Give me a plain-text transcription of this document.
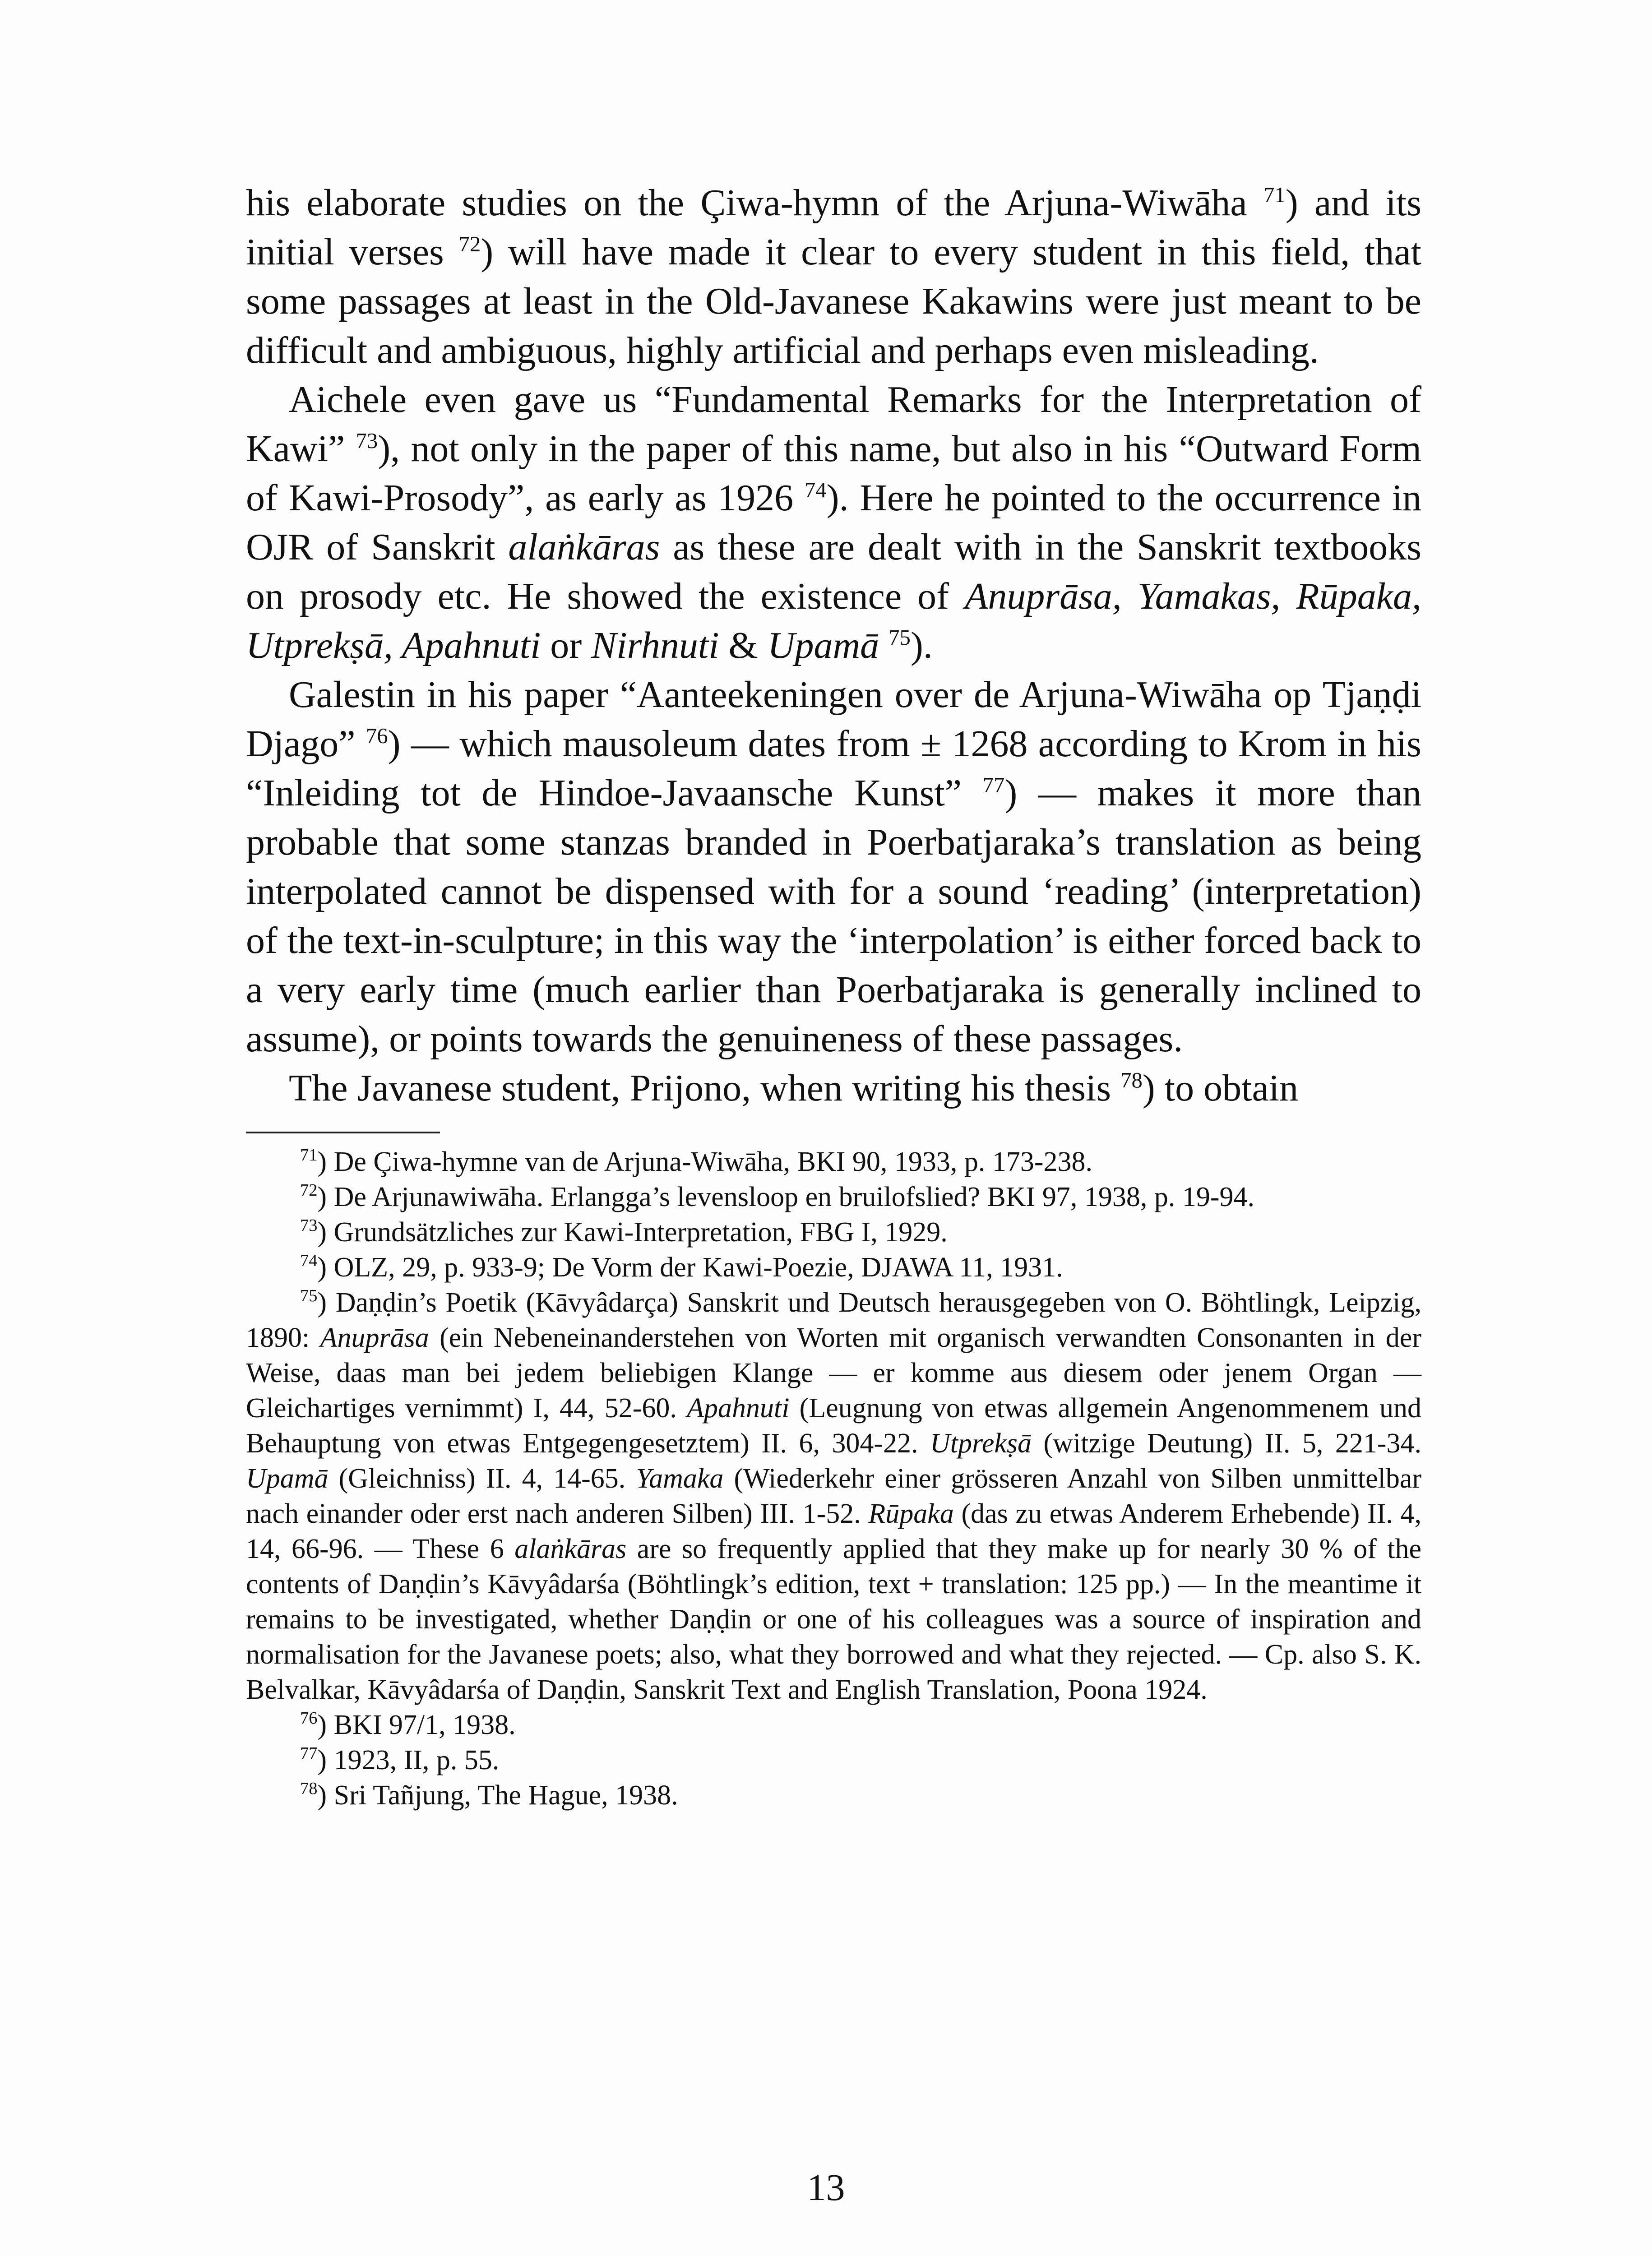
his elaborate studies on the Çiwa-hymn of the Arjuna-Wiwāha $^{71}$) and its initial verses $^{72}$) will have made it clear to every student in this field, that some passages at least in the Old-Javanese Kakawins were just meant to be difficult and ambiguous, highly artificial and perhaps even misleading.

Aichele even gave us “Fundamental Remarks for the Interpretation of Kawi” $^{73}$), not only in the paper of this name, but also in his “Outward Form of Kawi-Prosody”, as early as 1926 $^{74}$). Here he pointed to the occurrence in OJR of Sanskrit alaṅkāras as these are dealt with in the Sanskrit textbooks on prosody etc. He showed the existence of Anuprāsa, Yamakas, Rūpaka, Utprekṣā, Apahnuti or Nirhnuti & Upamā $^{75}$).

Galestin in his paper “Aanteekeningen over de Arjuna-Wiwāha op Tjaṇḍi Djago” $^{76}$) — which mausoleum dates from ± 1268 according to Krom in his “Inleiding tot de Hindoe-Javaansche Kunst” $^{77}$) — makes it more than probable that some stanzas branded in Poerbatjaraka’s translation as being interpolated cannot be dispensed with for a sound ‘reading’ (interpretation) of the text-in-sculpture; in this way the ‘interpolation’ is either forced back to a very early time (much earlier than Poerbatjaraka is generally inclined to assume), or points towards the genuineness of these passages.

The Javanese student, Prijono, when writing his thesis $^{78}$) to obtain

$^{71}$) De Çiwa-hymne van de Arjuna-Wiwāha, BKI 90, 1933, p. 173-238.

$^{72}$) De Arjunawiwāha. Erlangga’s levensloop en bruilofslied? BKI 97, 1938, p. 19-94.

$^{73}$) Grundsätzliches zur Kawi-Interpretation, FBG I, 1929.

$^{74}$) OLZ, 29, p. 933-9; De Vorm der Kawi-Poezie, DJAWA 11, 1931.

$^{75}$) Daṇḍin’s Poetik (Kāvyâdarça) Sanskrit und Deutsch herausgegeben von O. Böhtlingk, Leipzig, 1890: Anuprāsa (ein Nebeneinanderstehen von Worten mit organisch verwandten Consonanten in der Weise, daas man bei jedem beliebigen Klange — er komme aus diesem oder jenem Organ — Gleichartiges vernimmt) I, 44, 52-60. Apahnuti (Leugnung von etwas allgemein Angenommenem und Behauptung von etwas Entgegengesetztem) II. 6, 304-22. Utprekṣā (witzige Deutung) II. 5, 221-34. Upamā (Gleichniss) II. 4, 14-65. Yamaka (Wiederkehr einer grösseren Anzahl von Silben unmittelbar nach einander oder erst nach anderen Silben) III. 1-52. Rūpaka (das zu etwas Anderem Erhebende) II. 4, 14, 66-96. — These 6 alaṅkāras are so frequently applied that they make up for nearly 30 % of the contents of Daṇḍin’s Kāvyâdarśa (Böhtlingk’s edition, text + translation: 125 pp.) — In the meantime it remains to be investigated, whether Daṇḍin or one of his colleagues was a source of inspiration and normalisation for the Javanese poets; also, what they borrowed and what they rejected. — Cp. also S. K. Belvalkar, Kāvyâdarśa of Daṇḍin, Sanskrit Text and English Translation, Poona 1924.

$^{76}$) BKI 97/1, 1938.

$^{77}$) 1923, II, p. 55.

$^{78}$) Sri Tañjung, The Hague, 1938.

13
